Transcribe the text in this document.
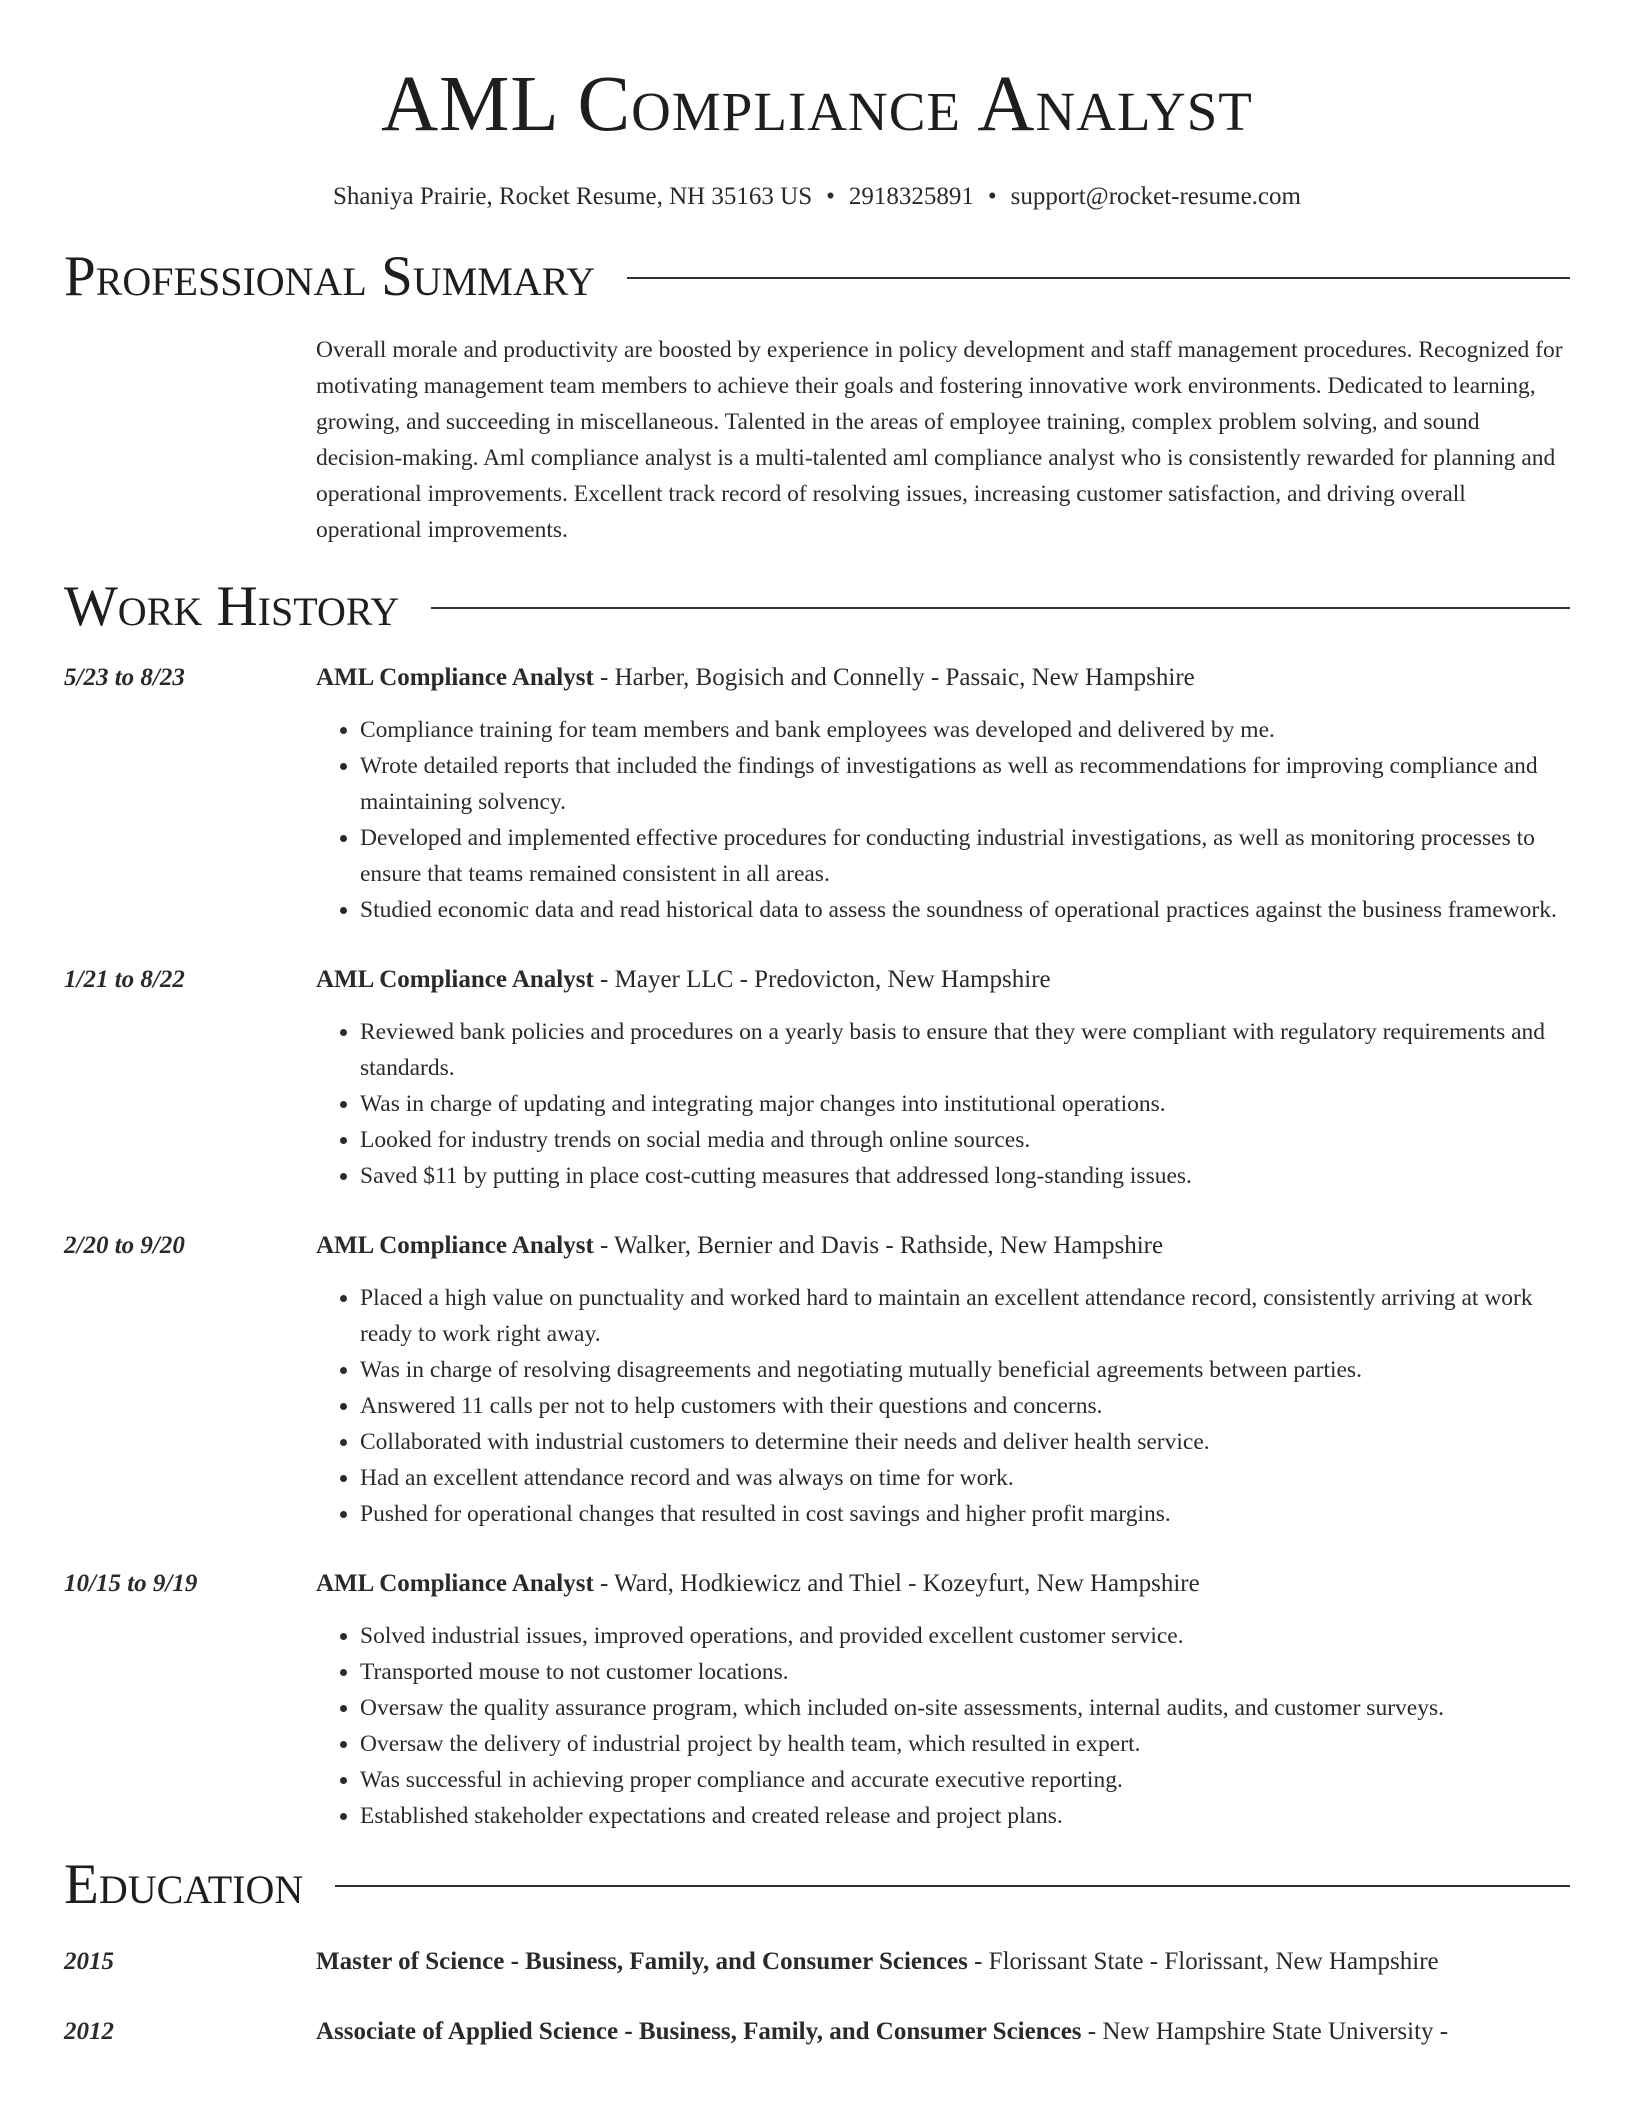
AML Compliance Analyst
Shaniya Prairie, Rocket Resume, NH 35163 US • 2918325891 • support@rocket-resume.com
Professional Summary
Overall morale and productivity are boosted by experience in policy development and staff management procedures. Recognized for motivating management team members to achieve their goals and fostering innovative work environments. Dedicated to learning, growing, and succeeding in miscellaneous. Talented in the areas of employee training, complex problem solving, and sound decision-making. Aml compliance analyst is a multi-talented aml compliance analyst who is consistently rewarded for planning and operational improvements. Excellent track record of resolving issues, increasing customer satisfaction, and driving overall operational improvements.
Work History
5/23 to 8/23	AML Compliance Analyst - Harber, Bogisich and Connelly - Passaic, New Hampshire
• Compliance training for team members and bank employees was developed and delivered by me.
• Wrote detailed reports that included the findings of investigations as well as recommendations for improving compliance and maintaining solvency.
• Developed and implemented effective procedures for conducting industrial investigations, as well as monitoring processes to ensure that teams remained consistent in all areas.
• Studied economic data and read historical data to assess the soundness of operational practices against the business framework.
1/21 to 8/22	AML Compliance Analyst - Mayer LLC - Predovicton, New Hampshire
• Reviewed bank policies and procedures on a yearly basis to ensure that they were compliant with regulatory requirements and standards.
• Was in charge of updating and integrating major changes into institutional operations.
• Looked for industry trends on social media and through online sources.
• Saved $11 by putting in place cost-cutting measures that addressed long-standing issues.
2/20 to 9/20	AML Compliance Analyst - Walker, Bernier and Davis - Rathside, New Hampshire
• Placed a high value on punctuality and worked hard to maintain an excellent attendance record, consistently arriving at work ready to work right away.
• Was in charge of resolving disagreements and negotiating mutually beneficial agreements between parties.
• Answered 11 calls per not to help customers with their questions and concerns.
• Collaborated with industrial customers to determine their needs and deliver health service.
• Had an excellent attendance record and was always on time for work.
• Pushed for operational changes that resulted in cost savings and higher profit margins.
10/15 to 9/19	AML Compliance Analyst - Ward, Hodkiewicz and Thiel - Kozeyfurt, New Hampshire
• Solved industrial issues, improved operations, and provided excellent customer service.
• Transported mouse to not customer locations.
• Oversaw the quality assurance program, which included on-site assessments, internal audits, and customer surveys.
• Oversaw the delivery of industrial project by health team, which resulted in expert.
• Was successful in achieving proper compliance and accurate executive reporting.
• Established stakeholder expectations and created release and project plans.
Education
2015	Master of Science - Business, Family, and Consumer Sciences - Florissant State - Florissant, New Hampshire
2012	Associate of Applied Science - Business, Family, and Consumer Sciences - New Hampshire State University -
